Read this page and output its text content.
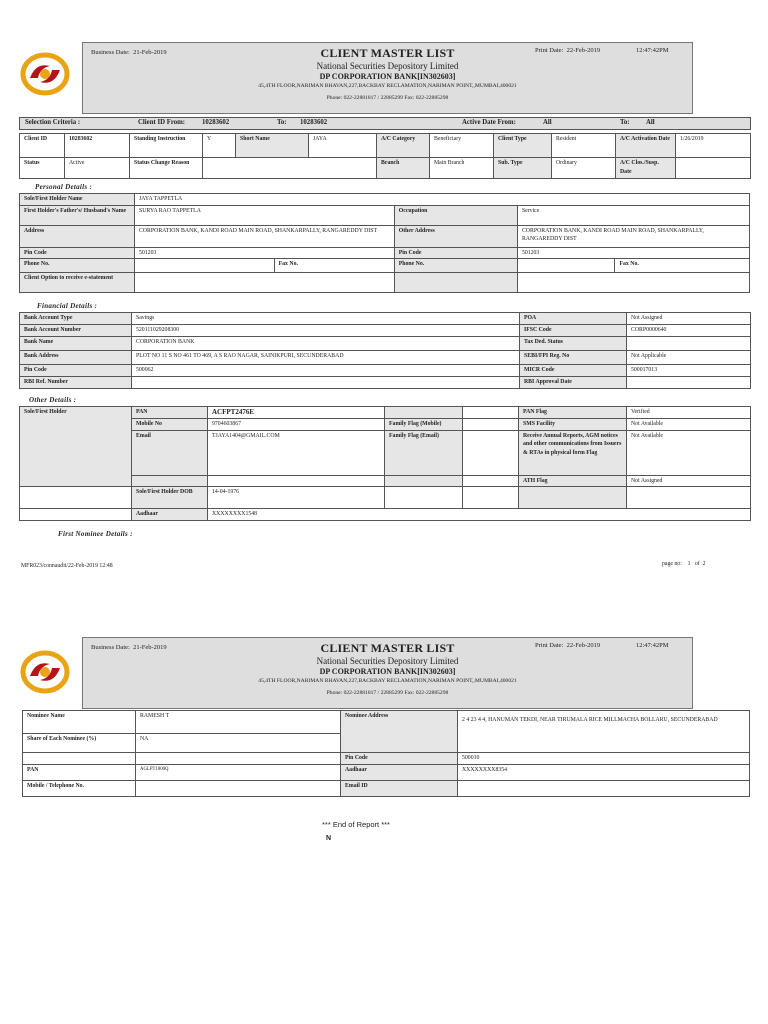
Business Date: 21-Feb-2019	CLIENT MASTER LIST
National Securities Depository Limited
DP CORPORATION BANK[IN302603]
45,4TH FLOOR,NARIMAN BHAVAN,227,BACKBAY RECLAMATION,NARIMAN POINT,,MUMBAI,400021
Phone: 022-22881817 / 22885299 Fax: 022-22885298
Print Date: 22-Feb-2019	12:47:42PM
Selection Criteria :	Client ID From: 10283602	To: 10283602	Active Date From:	All	To: All
Client ID	10283602	Standing Instruction	Y	Short Name	JAYA	A/C Category	Beneficiary	Client Type	Resident	A/C Activation Date	1/26/2019
Status	Active	Status Change Reason				Branch	Main Branch	Sub. Type	Ordinary	A/C Clos./Susp. Date	
Personal Details :
Sole/First Holder Name	JAYA TAPPETLA				
First Holder's Father's/ Husband's Name	SURYA RAO TAPPETLA		Occupation	Service	
Address	CORPORATION BANK, KANDI ROAD MAIN ROAD, SHANKARPALLY, RANGAREDDY DIST		Other Address	CORPORATION BANK, KANDI ROAD MAIN ROAD, SHANKARPALLY, RANGAREDDY DIST	
Pin Code	501203		Pin Code	501203	
Phone No.		Fax No.	Phone No.		Fax No.
Client Option to receive e-statement					
Financial Details :
Bank Account Type	Savings	POA	Not Assigned
Bank Account Number	520111029208300	IFSC Code	CORP0000640
Bank Name	CORPORATION BANK	Tax Ded. Status	
Bank Address	PLOT NO 11 S NO 461 TO 469, A S RAO NAGAR, SAINIKPURI, SECUNDERABAD	SEBI/FPI Reg. No	Not Applicable
Pin Code	500062	MICR Code	500017013
RBI Ref. Number		RBI Approval Date	
Other Details :
Sole/First Holder	PAN	ACFPT2476E			PAN Flag	Verified
	Mobile No	9704603867	Family Flag (Mobile)		SMS Facility	Not Available
	Email	TJAYA1404@GMAIL.COM	Family Flag (Email)		Receive Annual Reports, AGM notices and other communications from Issuers & RTAs in physical form Flag	Not Available
					ATH Flag	Not Assigned
	Sole/First Holder DOB	14-04-1976				
	Aadhaar	XXXXXXXX1548				
First Nominee Details :
MFR023/connaudit/22-Feb-2019 12:48	page no: 1 of 2
Business Date: 21-Feb-2019	CLIENT MASTER LIST
National Securities Depository Limited
DP CORPORATION BANK[IN302603]
45,4TH FLOOR,NARIMAN BHAVAN,227,BACKBAY RECLAMATION,NARIMAN POINT,,MUMBAI,400021
Phone: 022-22881817 / 22885299 Fax: 022-22885298
Print Date: 22-Feb-2019	12:47:42PM
Nominee Name	RAMESH T	Nominee Address	2 4 23 4 4, HANUMAN TEKDI, NEAR TIRUMALA RICE MILLMACHA BOLLARU, SECUNDERABAD
Share of Each Nominee (%)	NA		
		Pin Code	500010
PAN	AGLPT1800Q	Aadhaar	XXXXXXXX8354
Mobile / Telephone No.		Email ID	
*** End of Report ***
N
